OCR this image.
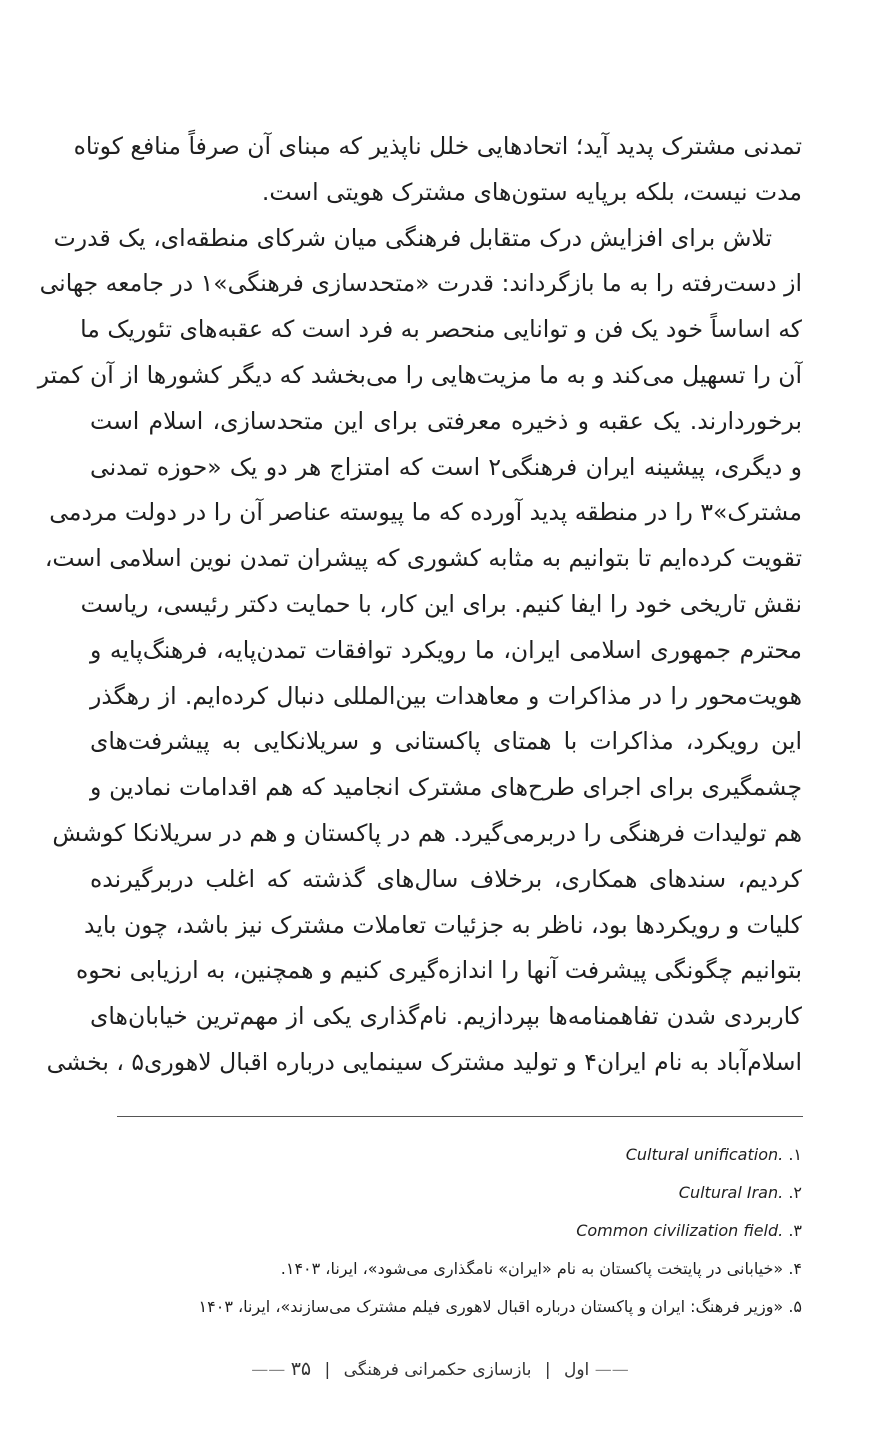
تمدنی مشترک پدید آید؛ اتحادهایی خلل ناپذیر که مبنای آن صرفاً منافع کوتاه
مدت نیست، بلکه برپایه ستون‌های مشترک هویتی است.

تلاش برای افزایش درک متقابل فرهنگی میان شرکای منطقه‌ای، یک قدرت
از دست‌رفته را به ما بازگرداند: قدرت «متحدسازی فرهنگی»١ در جامعه جهانی
که اساساً خود یک فن و توانایی منحصر به فرد است که عقبه‌های تئوریک ما
آن را تسهیل می‌کند و به ما مزیت‌هایی را می‌بخشد که دیگر کشورها از آن کمتر
برخوردارند. یک عقبه و ذخیره معرفتی برای این متحدسازی، اسلام است
و دیگری، پیشینه ایران فرهنگی٢ است که امتزاج هر دو یک «حوزه تمدنی
مشترک»٣ را در منطقه پدید آورده که ما پیوسته عناصر آن را در دولت مردمی
تقویت کرده‌ایم تا بتوانیم به مثابه کشوری که پیشران تمدن نوین اسلامی است،
نقش تاریخی خود را ایفا کنیم. برای این کار، با حمایت دکتر رئیسی، ریاست
محترم جمهوری اسلامی ایران، ما رویکرد توافقات تمدن‌پایه، فرهنگ‌پایه و
هویت‌محور را در مذاکرات و معاهدات بین‌المللی دنبال کرده‌ایم. از رهگذر
این رویکرد، مذاکرات با همتای پاکستانی و سریلانکایی به پیشرفت‌های
چشمگیری برای اجرای طرح‌های مشترک انجامید که هم اقدامات نمادین و
هم تولیدات فرهنگی را دربرمی‌گیرد. هم در پاکستان و هم در سریلانکا کوشش
کردیم، سندهای همکاری، برخلاف سال‌های گذشته که اغلب دربرگیرنده
کلیات و رویکردها بود، ناظر به جزئیات تعاملات مشترک نیز باشد، چون باید
بتوانیم چگونگی پیشرفت آنها را اندازه‌گیری کنیم و همچنین، به ارزیابی نحوه
کاربردی شدن تفاهمنامه‌ها بپردازیم. نام‌گذاری یکی از مهم‌ترین خیابان‌های
اسلام‌آباد به نام ایران۴ و تولید مشترک سینمایی درباره اقبال لاهوری۵ ، بخشی

١. Cultural unification.
٢. Cultural Iran.
٣. Common civilization field.
۴. «خیابانی در پایتخت پاکستان به نام «ایران» نامگذاری می‌شود»، ایرنا، ۱۴۰۳.
۵. «وزیر فرهنگ: ایران و پاکستان درباره اقبال لاهوری فیلم مشترک می‌سازند»، ایرنا، ۱۴۰۳
—— اول | بازسازی حکمرانی فرهنگی | ۳۵ ——
